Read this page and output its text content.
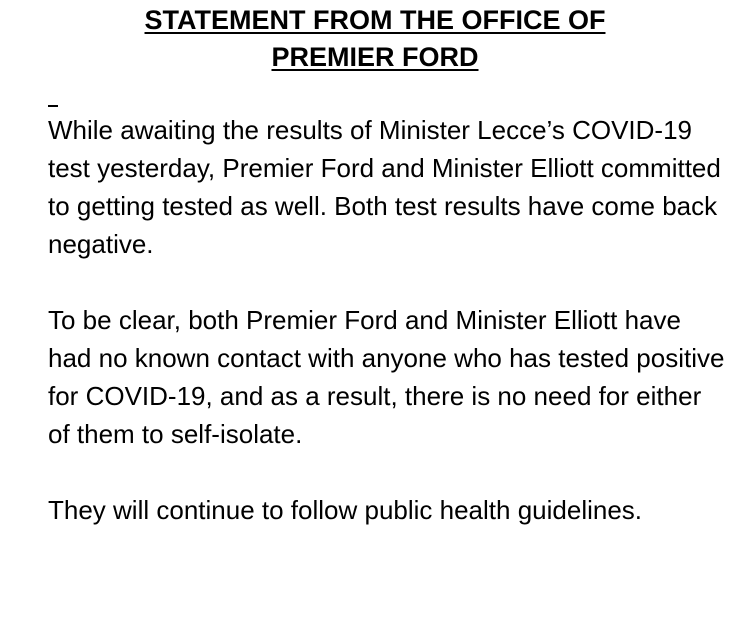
STATEMENT FROM THE OFFICE OF
PREMIER FORD

While awaiting the results of Minister Lecce’s COVID-19 test yesterday, Premier Ford and Minister Elliott committed to getting tested as well. Both test results have come back negative.

To be clear, both Premier Ford and Minister Elliott have had no known contact with anyone who has tested positive for COVID-19, and as a result, there is no need for either of them to self-isolate.

They will continue to follow public health guidelines.
